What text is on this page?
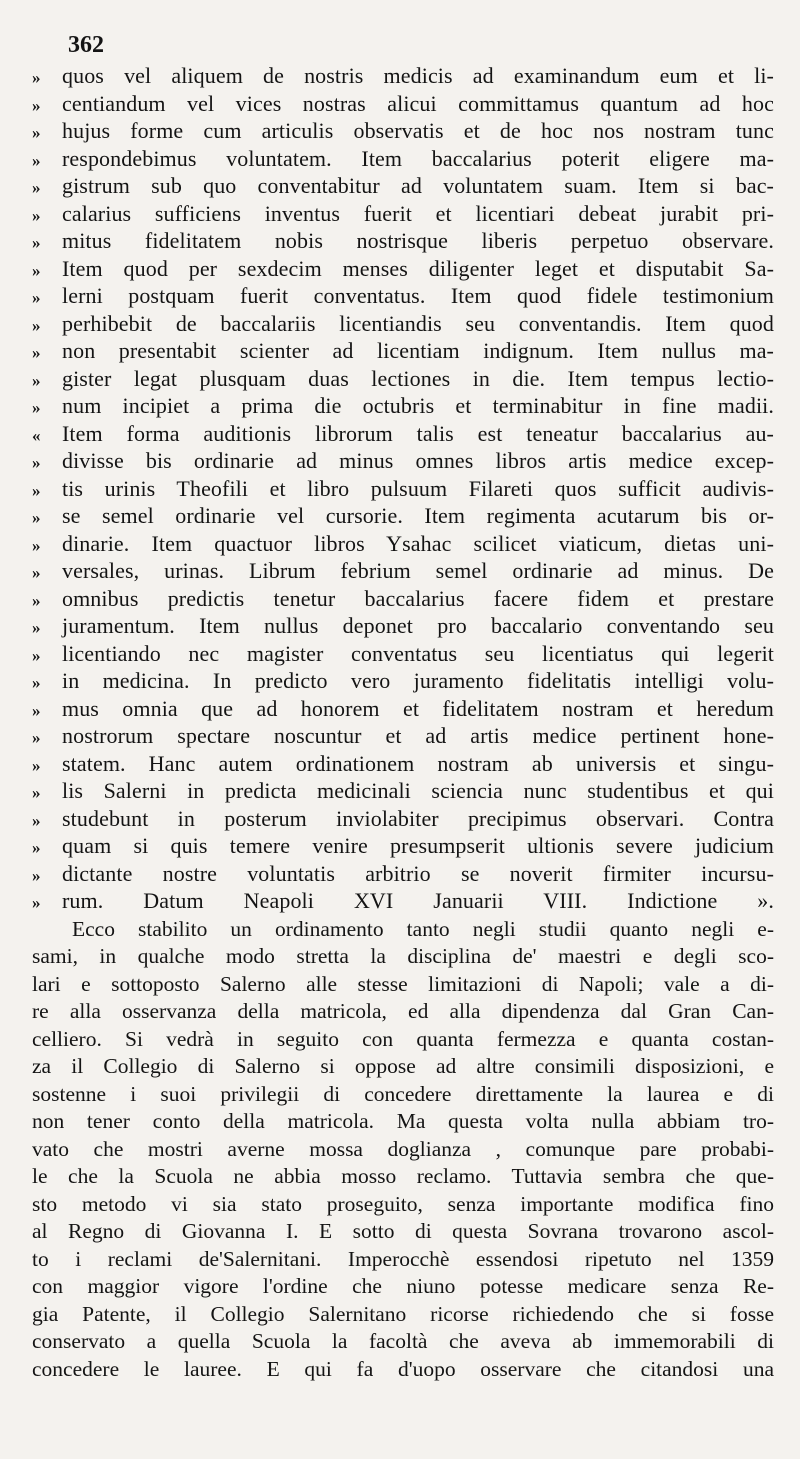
362
» quos vel aliquem de nostris medicis ad examinandum eum et li-
» centiandum vel vices nostras alicui committamus quantum ad hoc
» hujus forme cum articulis observatis et de hoc nos nostram tunc
» respondebimus voluntatem. Item baccalarius poterit eligere ma-
» gistrum sub quo conventabitur ad voluntatem suam. Item si bac-
» calarius sufficiens inventus fuerit et licentiari debeat jurabit pri-
» mitus fidelitatem nobis nostrisque liberis perpetuo observare.
» Item quod per sexdecim menses diligenter leget et disputabit Sa-
» lerni postquam fuerit conventatus. Item quod fidele testimonium
» perhibebit de baccalariis licentiandis seu conventandis. Item quod
» non presentabit scienter ad licentiam indignum. Item nullus ma-
» gister legat plusquam duas lectiones in die. Item tempus lectio-
» num incipiet a prima die octubris et terminabitur in fine madii.
« Item forma auditionis librorum talis est teneatur baccalarius au-
» divisse bis ordinarie ad minus omnes libros artis medice excep-
» tis urinis Theofili et libro pulsuum Filareti quos sufficit audivis-
» se semel ordinarie vel cursorie. Item regimenta acutarum bis or-
» dinarie. Item quactuor libros Ysahac scilicet viaticum, dietas uni-
» versales, urinas. Librum febrium semel ordinarie ad minus. De
» omnibus predictis tenetur baccalarius facere fidem et prestare
» juramentum. Item nullus deponet pro baccalario conventando seu
» licentiando nec magister conventatus seu licentiatus qui legerit
» in medicina. In predicto vero juramento fidelitatis intelligi volu-
» mus omnia que ad honorem et fidelitatem nostram et heredum
» nostrorum spectare noscuntur et ad artis medice pertinent hone-
» statem. Hanc autem ordinationem nostram ab universis et singu-
» lis Salerni in predicta medicinali sciencia nunc studentibus et qui
» studebunt in posterum inviolabiter precipimus observari. Contra
» quam si quis temere venire presumpserit ultionis severe judicium
» dictante nostre voluntatis arbitrio se noverit firmiter incursu-
» rum. Datum Neapoli XVI Januarii VIII. Indictione ».
Ecco stabilito un ordinamento tanto negli studii quanto negli e-
sami, in qualche modo stretta la disciplina de' maestri e degli sco-
lari e sottoposto Salerno alle stesse limitazioni di Napoli; vale a di-
re alla osservanza della matricola, ed alla dipendenza dal Gran Can-
celliero. Si vedrà in seguito con quanta fermezza e quanta costan-
za il Collegio di Salerno si oppose ad altre consimili disposizioni, e
sostenne i suoi privilegii di concedere direttamente la laurea e di
non tener conto della matricola. Ma questa volta nulla abbiam tro-
vato che mostri averne mossa doglianza , comunque pare probabi-
le che la Scuola ne abbia mosso reclamo. Tuttavia sembra che que-
sto metodo vi sia stato proseguito, senza importante modifica fino
al Regno di Giovanna I. E sotto di questa Sovrana trovarono ascol-
to i reclami de'Salernitani. Imperocchè essendosi ripetuto nel 1359
con maggior vigore l'ordine che niuno potesse medicare senza Re-
gia Patente, il Collegio Salernitano ricorse richiedendo che si fosse
conservato a quella Scuola la facoltà che aveva ab immemorabili di
concedere le lauree. E qui fa d'uopo osservare che citandosi una
